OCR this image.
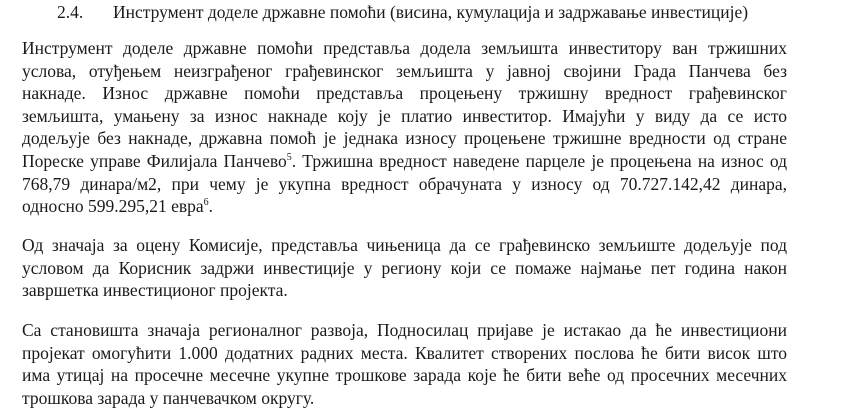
2.4. Инструмент доделе државне помоћи (висина, кумулација и задржавање инвестиције)
Инструмент доделе државне помоћи представља додела земљишта инвеститору ван тржишних
услова, отуђењем неизграђеног грађевинског земљишта у јавној својини Града Панчева без
накнаде. Износ државне помоћи представља процењену тржишну вредност грађевинског
земљишта, умањену за износ накнаде коју је платио инвеститор. Имајући у виду да се исто
додељује без накнаде, државна помоћ је једнака износу процењене тржишне вредности од стране
Пореске управе Филијала Панчево$^5$. Тржишна вредност наведене парцеле је процењена на износ од
768,79 динара/м2, при чему је укупна вредност обрачуната у износу од 70.727.142,42 динара,
односно 599.295,21 евра$^6$.
Од значаја за оцену Комисије, представља чињеница да се грађевинско земљиште додељује под
условом да Корисник задржи инвестиције у региону који се помаже најмање пет година након
завршетка инвестиционог пројекта.
Са становишта значаја регионалног развоја, Подносилац пријаве је истакао да ће инвестициони
пројекат омогућити 1.000 додатних радних места. Квалитет створених послова ће бити висок што
има утицај на просечне месечне укупне трошкове зарада које ће бити веће од просечних месечних
трошкова зарада у панчевачком округу.
